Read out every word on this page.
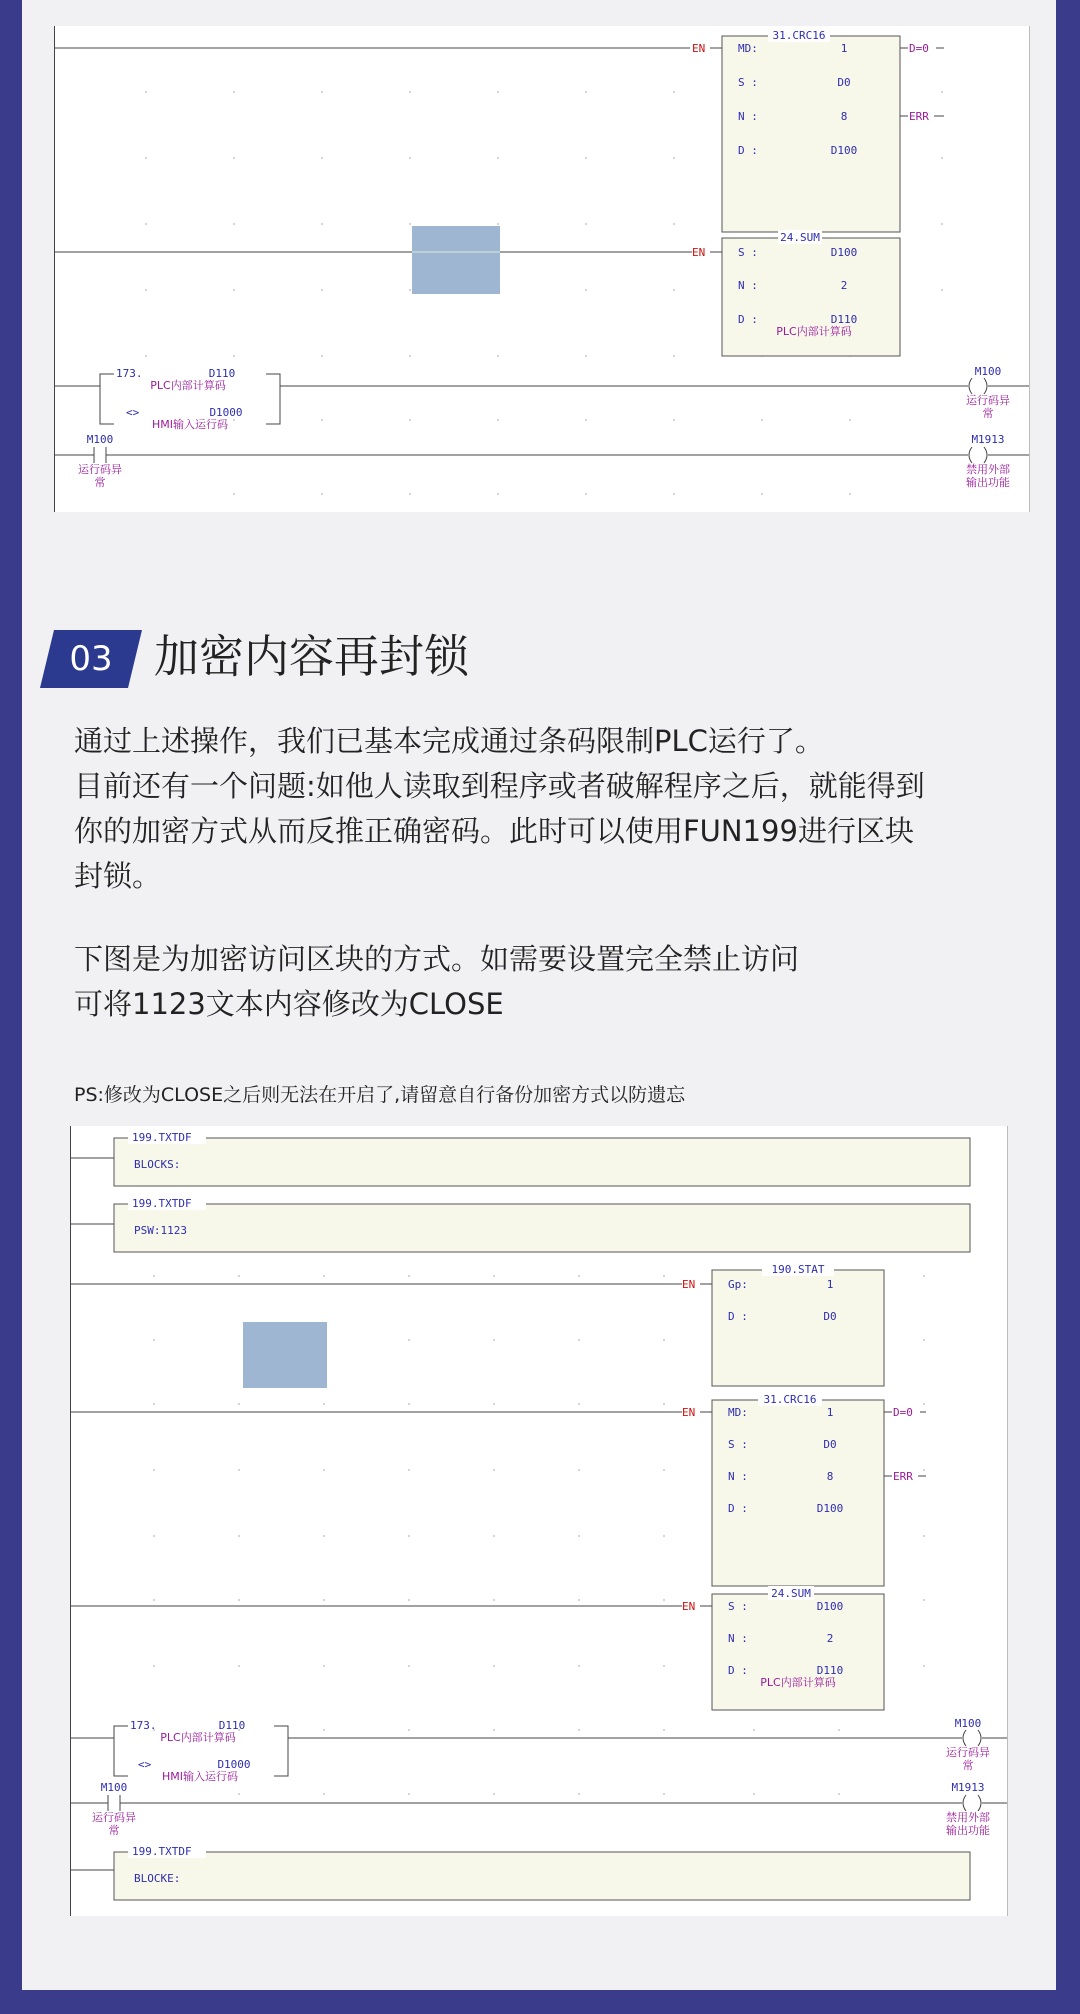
EN
31.CRC16
MD:	1
S :	D0
N :	8
D :	D100
D=0
ERR
EN
24.SUM
S :	D100
N :	2
D :	D110
PLC内部计算码
173.	D110
PLC内部计算码
<>	D1000
HMI输入运行码
M100
运行码异
常
M100
运行码异
常
M1913
禁用外部
输出功能
03 加密内容再封锁

通过上述操作，我们已基本完成通过条码限制PLC运行了。

目前还有一个问题:如他人读取到程序或者破解程序之后，就能得到

你的加密方式从而反推正确密码。此时可以使用FUN199进行区块

封锁。

下图是为加密访问区块的方式。如需要设置完全禁止访问

可将1123文本内容修改为CLOSE

PS:修改为CLOSE之后则无法在开启了,请留意自行备份加密方式以防遗忘
199.TXTDF
BLOCKS:
199.TXTDF
PSW:1123
EN
190.STAT
Gp:	1
D :	D0
EN
31.CRC16
MD:	1
S :	D0
N :	8
D :	D100
D=0
ERR
EN
24.SUM
S :	D100
N :	2
D :	D110
PLC内部计算码
173.	D110
PLC内部计算码
<>	D1000
HMI输入运行码
M100
运行码异
常
M100
运行码异
常
M1913
禁用外部
输出功能
199.TXTDF
BLOCKE:
